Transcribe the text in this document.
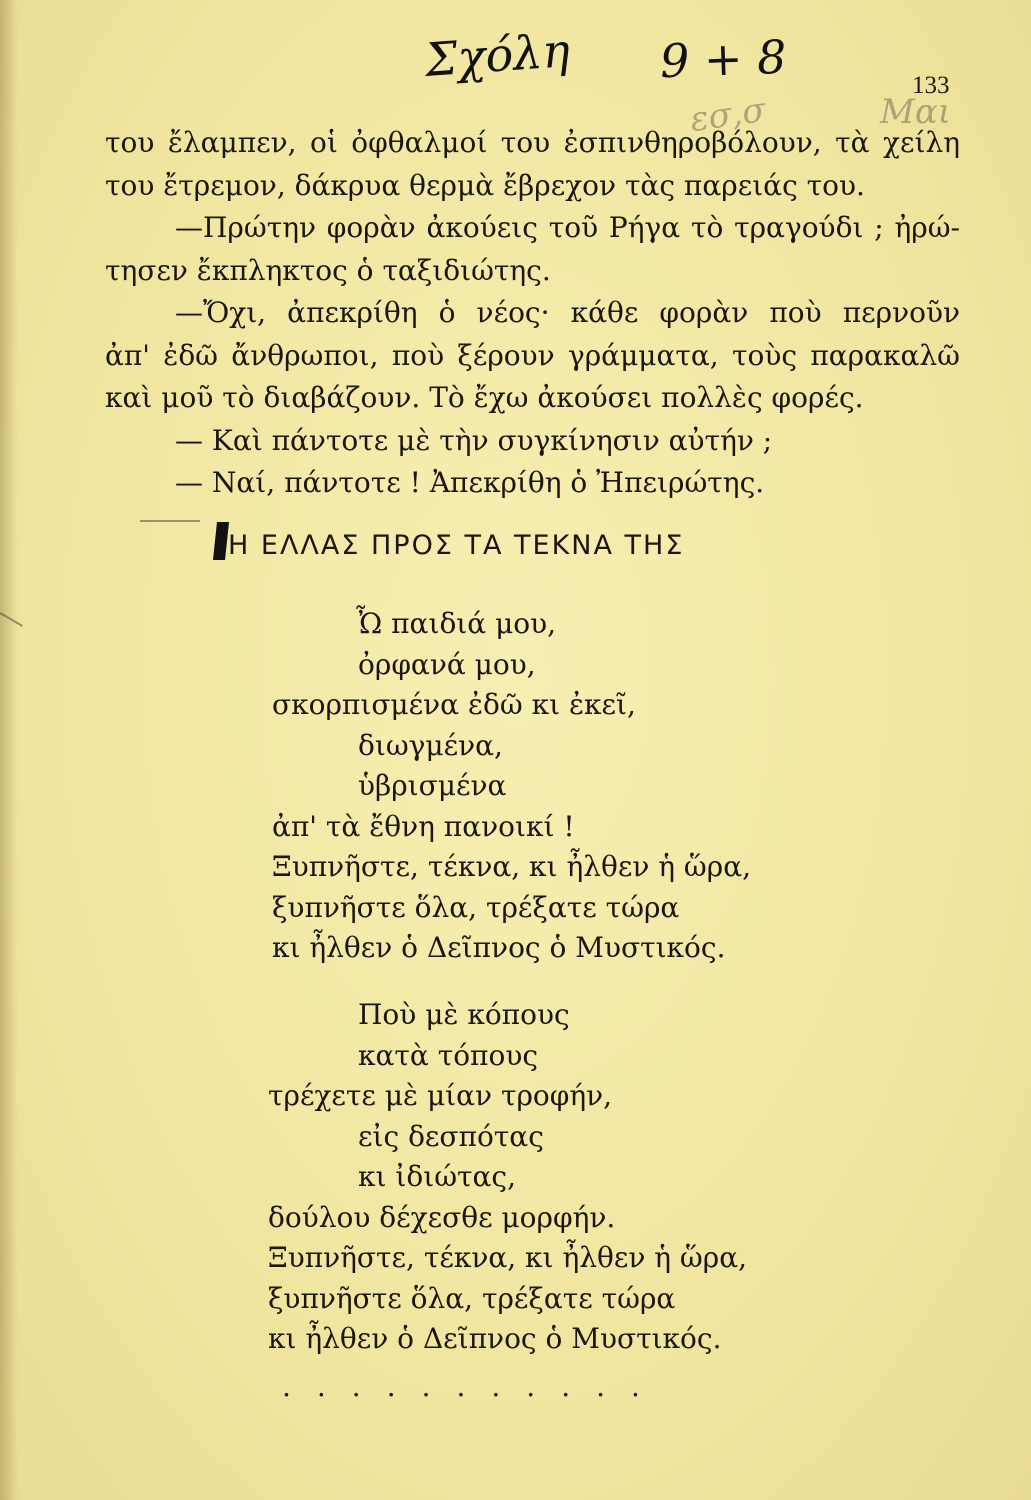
Σχόλη 9 + 8
Μαι
εσ,σ
133
του ἔλαμπεν, οἱ ὀφθαλμοί του ἐσπινθηροβόλουν, τὰ χείλη
του ἔτρεμον, δάκρυα θερμὰ ἔβρεχον τὰς παρειάς του.
—Πρώτην φορὰν ἀκούεις τοῦ Ρήγα τὸ τραγούδι ; ἠρώ-
τησεν ἔκπληκτος ὁ ταξιδιώτης.
—Ὄχι, ἀπεκρίθη ὁ νέος· κάθε φορὰν ποὺ περνοῦν
ἀπ' ἐδῶ ἄνθρωποι, ποὺ ξέρουν γράμματα, τοὺς παρακαλῶ
καὶ μοῦ τὸ διαβάζουν. Τὸ ἔχω ἀκούσει πολλὲς φορές.
— Καὶ πάντοτε μὲ τὴν συγκίνησιν αὐτήν ;
— Ναί, πάντοτε ! Ἀπεκρίθη ὁ Ἠπειρώτης.
Η ΕΛΛΑΣ ΠΡΟΣ ΤΑ ΤΕΚΝΑ ΤΗΣ
Ὦ παιδιά μου,
ὀρφανά μου,
σκορπισμένα ἐδῶ κι ἐκεῖ,
διωγμένα,
ὑβρισμένα
ἀπ' τὰ ἔθνη πανοικί !
Ξυπνῆστε, τέκνα, κι ἦλθεν ἡ ὥρα,
ξυπνῆστε ὅλα, τρέξατε τώρα
κι ἦλθεν ὁ Δεῖπνος ὁ Μυστικός.
Ποὺ μὲ κόπους
κατὰ τόπους
τρέχετε μὲ μίαν τροφήν,
εἰς δεσπότας
κι ἰδιώτας,
δούλου δέχεσθε μορφήν.
Ξυπνῆστε, τέκνα, κι ἦλθεν ἡ ὥρα,
ξυπνῆστε ὅλα, τρέξατε τώρα
κι ἦλθεν ὁ Δεῖπνος ὁ Μυστικός.
...........
